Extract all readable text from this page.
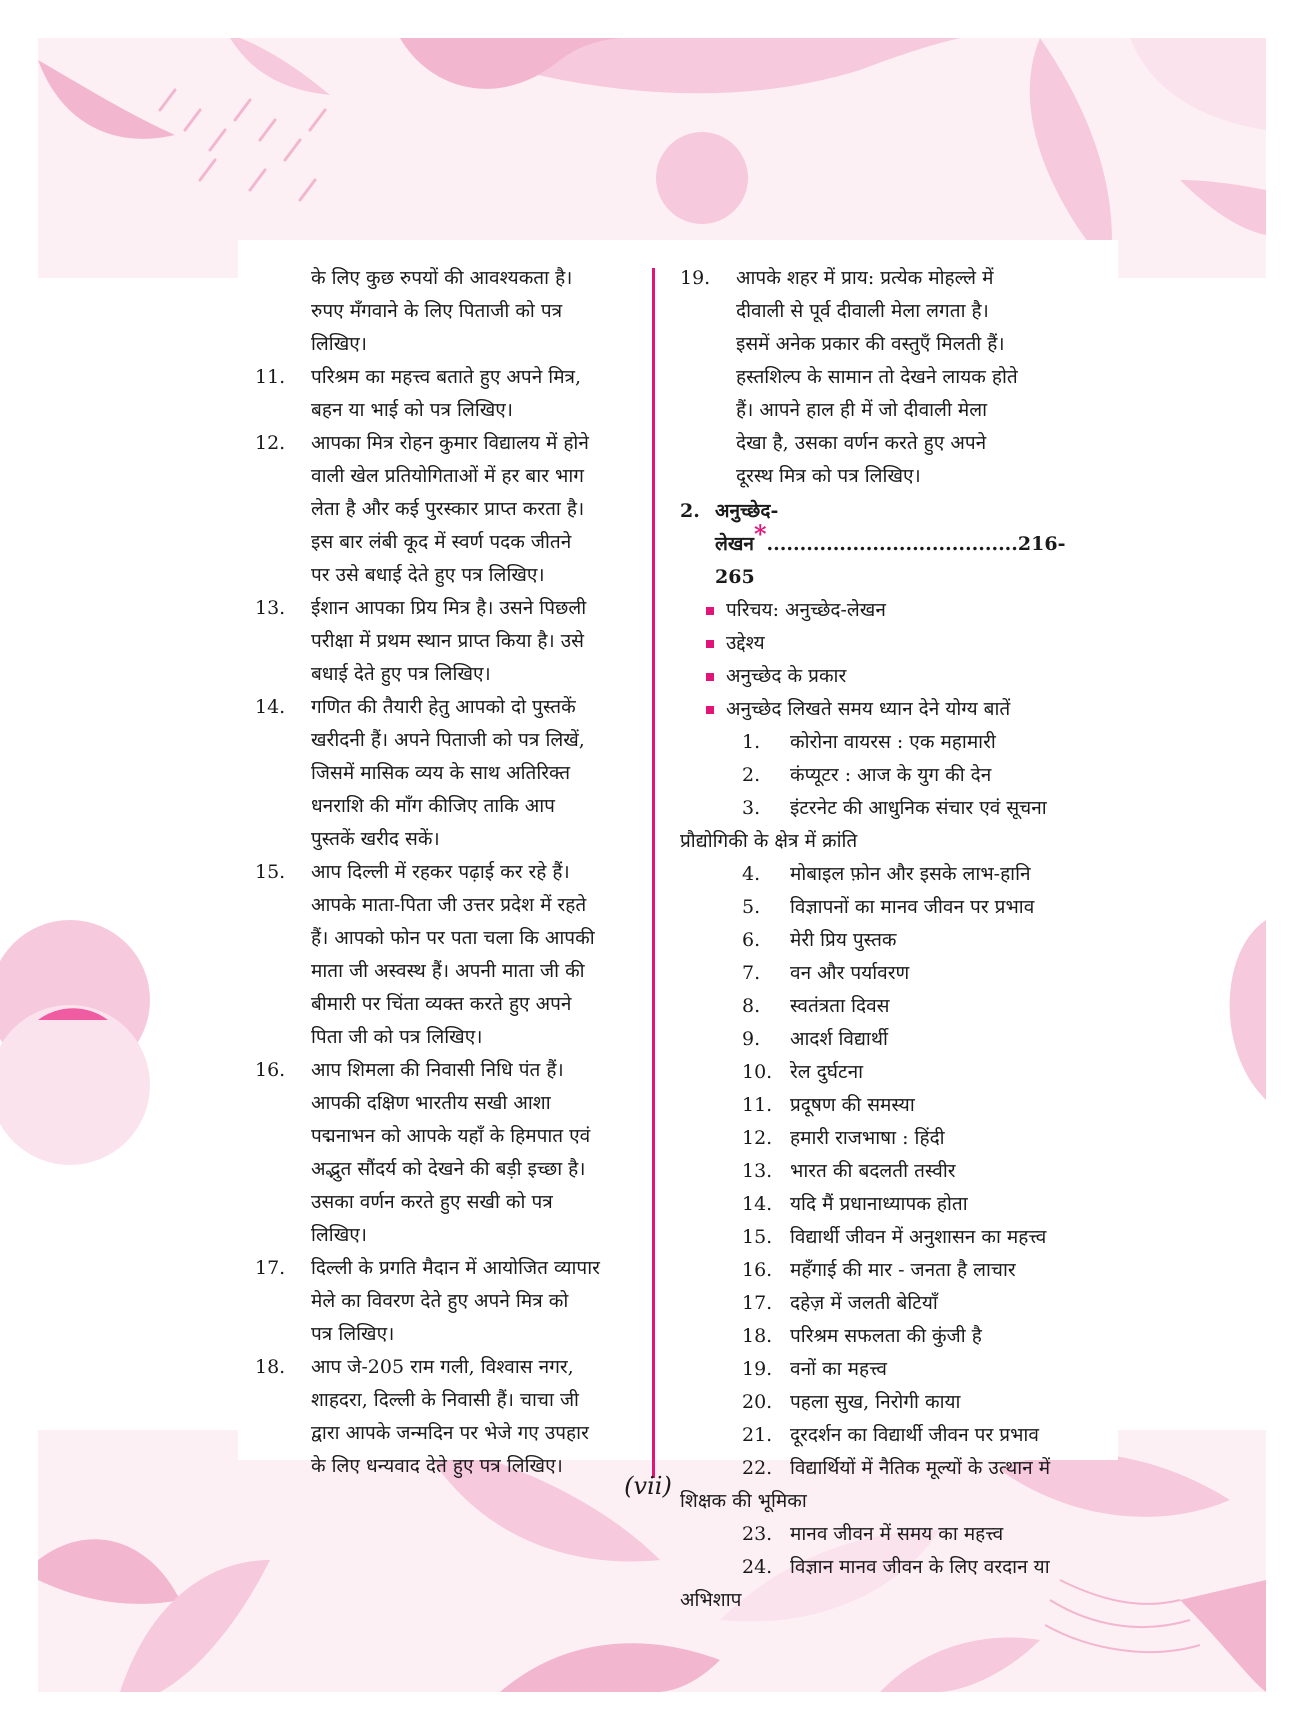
के लिए कुछ रुपयों की आवश्यकता है।
रुपए मँगवाने के लिए पिताजी को पत्र
लिखिए।
11.	परिश्रम का महत्त्व बताते हुए अपने मित्र,
बहन या भाई को पत्र लिखिए।
12.	आपका मित्र रोहन कुमार विद्यालय में होने
वाली खेल प्रतियोगिताओं में हर बार भाग
लेता है और कई पुरस्कार प्राप्त करता है।
इस बार लंबी कूद में स्वर्ण पदक जीतने
पर उसे बधाई देते हुए पत्र लिखिए।
13.	ईशान आपका प्रिय मित्र है। उसने पिछली
परीक्षा में प्रथम स्थान प्राप्त किया है। उसे
बधाई देते हुए पत्र लिखिए।
14.	गणित की तैयारी हेतु आपको दो पुस्तकें
खरीदनी हैं। अपने पिताजी को पत्र लिखें,
जिसमें मासिक व्यय के साथ अतिरिक्त
धनराशि की माँग कीजिए ताकि आप
पुस्तकें खरीद सकें।
15.	आप दिल्ली में रहकर पढ़ाई कर रहे हैं।
आपके माता-पिता जी उत्तर प्रदेश में रहते
हैं। आपको फोन पर पता चला कि आपकी
माता जी अस्वस्थ हैं। अपनी माता जी की
बीमारी पर चिंता व्यक्त करते हुए अपने
पिता जी को पत्र लिखिए।
16.	आप शिमला की निवासी निधि पंत हैं।
आपकी दक्षिण भारतीय सखी आशा
पद्मनाभन को आपके यहाँ के हिमपात एवं
अद्भुत सौंदर्य को देखने की बड़ी इच्छा है।
उसका वर्णन करते हुए सखी को पत्र
लिखिए।
17.	दिल्ली के प्रगति मैदान में आयोजित व्यापार
मेले का विवरण देते हुए अपने मित्र को
पत्र लिखिए।
18.	आप जे-205 राम गली, विश्वास नगर,
शाहदरा, दिल्ली के निवासी हैं। चाचा जी
द्वारा आपके जन्मदिन पर भेजे गए उपहार
के लिए धन्यवाद देते हुए पत्र लिखिए।
19.	आपके शहर में प्राय: प्रत्येक मोहल्ले में
दीवाली से पूर्व दीवाली मेला लगता है।
इसमें अनेक प्रकार की वस्तुएँ मिलती हैं।
हस्तशिल्प के सामान तो देखने लायक होते
हैं। आपने हाल ही में जो दीवाली मेला
देखा है, उसका वर्णन करते हुए अपने
दूरस्थ मित्र को पत्र लिखिए।
2. अनुच्छेद-लेखन*......................................216-265
परिचय: अनुच्छेद-लेखन
उद्देश्य
अनुच्छेद के प्रकार
अनुच्छेद लिखते समय ध्यान देने योग्य बातें
1.	कोरोना वायरस : एक महामारी
2.	कंप्यूटर : आज के युग की देन
3.	इंटरनेट की आधुनिक संचार एवं सूचना
प्रौद्योगिकी के क्षेत्र में क्रांति
4.	मोबाइल फ़ोन और इसके लाभ-हानि
5.	विज्ञापनों का मानव जीवन पर प्रभाव
6.	मेरी प्रिय पुस्तक
7.	वन और पर्यावरण
8.	स्वतंत्रता दिवस
9.	आदर्श विद्यार्थी
10. रेल दुर्घटना
11. प्रदूषण की समस्या
12. हमारी राजभाषा : हिंदी
13. भारत की बदलती तस्वीर
14. यदि मैं प्रधानाध्यापक होता
15. विद्यार्थी जीवन में अनुशासन का महत्त्व
16. महँगाई की मार - जनता है लाचार
17. दहेज़ में जलती बेटियाँ
18. परिश्रम सफलता की कुंजी है
19. वनों का महत्त्व
20. पहला सुख, निरोगी काया
21. दूरदर्शन का विद्यार्थी जीवन पर प्रभाव
22. विद्यार्थियों में नैतिक मूल्यों के उत्थान में
शिक्षक की भूमिका
23. मानव जीवन में समय का महत्त्व
24. विज्ञान मानव जीवन के लिए वरदान या
अभिशाप
(vii)
